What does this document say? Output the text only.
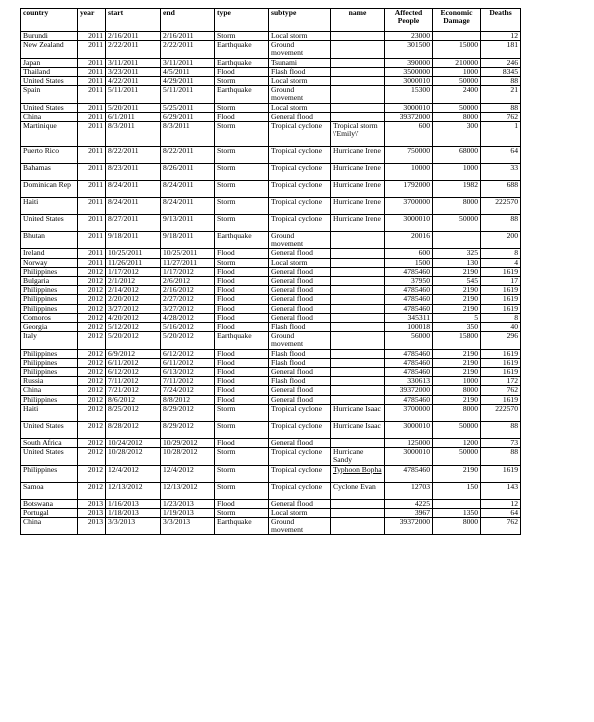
country	year	start	end	type	subtype	name	Affected People	Economic Damage	Deaths
Burundi	2011	2/16/2011	2/16/2011	Storm	Local storm		23000		12
New Zealand	2011	2/22/2011	2/22/2011	Earthquake	Ground movement		301500	15000	181
Japan	2011	3/11/2011	3/11/2011	Earthquake	Tsunami		390000	210000	246
Thailand	2011	3/23/2011	4/5/2011	Flood	Flash flood		3500000	1000	8345
United States	2011	4/22/2011	4/29/2011	Storm	Local storm		3000010	50000	88
Spain	2011	5/11/2011	5/11/2011	Earthquake	Ground movement		15300	2400	21
United States	2011	5/20/2011	5/25/2011	Storm	Local storm		3000010	50000	88
China	2011	6/1/2011	6/29/2011	Flood	General flood		39372000	8000	762
Martinique	2011	8/3/2011	8/3/2011	Storm	Tropical cyclone	Tropical storm \'Emily\'	600	300	1
Puerto Rico	2011	8/22/2011	8/22/2011	Storm	Tropical cyclone	Hurricane Irene	750000	68000	64
Bahamas	2011	8/23/2011	8/26/2011	Storm	Tropical cyclone	Hurricane Irene	10000	1000	33
Dominican Rep	2011	8/24/2011	8/24/2011	Storm	Tropical cyclone	Hurricane Irene	1792000	1982	688
Haiti	2011	8/24/2011	8/24/2011	Storm	Tropical cyclone	Hurricane Irene	3700000	8000	222570
United States	2011	8/27/2011	9/13/2011	Storm	Tropical cyclone	Hurricane Irene	3000010	50000	88
Bhutan	2011	9/18/2011	9/18/2011	Earthquake	Ground movement		20016		200
Ireland	2011	10/25/2011	10/25/2011	Flood	General flood		600	325	8
Norway	2011	11/26/2011	11/27/2011	Storm	Local storm		1500	130	4
Philippines	2012	1/17/2012	1/17/2012	Flood	General flood		4785460	2190	1619
Bulgaria	2012	2/1/2012	2/6/2012	Flood	General flood		37950	545	17
Philippines	2012	2/14/2012	2/16/2012	Flood	General flood		4785460	2190	1619
Philippines	2012	2/20/2012	2/27/2012	Flood	General flood		4785460	2190	1619
Philippines	2012	3/27/2012	3/27/2012	Flood	General flood		4785460	2190	1619
Comoros	2012	4/20/2012	4/28/2012	Flood	General flood		345311	5	8
Georgia	2012	5/12/2012	5/16/2012	Flood	Flash flood		100018	350	40
Italy	2012	5/20/2012	5/20/2012	Earthquake	Ground movement		56000	15800	296
Philippines	2012	6/9/2012	6/12/2012	Flood	Flash flood		4785460	2190	1619
Philippines	2012	6/11/2012	6/11/2012	Flood	Flash flood		4785460	2190	1619
Philippines	2012	6/12/2012	6/13/2012	Flood	General flood		4785460	2190	1619
Russia	2012	7/11/2012	7/11/2012	Flood	Flash flood		330613	1000	172
China	2012	7/21/2012	7/24/2012	Flood	General flood		39372000	8000	762
Philippines	2012	8/6/2012	8/8/2012	Flood	General flood		4785460	2190	1619
Haiti	2012	8/25/2012	8/29/2012	Storm	Tropical cyclone	Hurricane Isaac	3700000	8000	222570
United States	2012	8/28/2012	8/29/2012	Storm	Tropical cyclone	Hurricane Isaac	3000010	50000	88
South Africa	2012	10/24/2012	10/29/2012	Flood	General flood		125000	1200	73
United States	2012	10/28/2012	10/28/2012	Storm	Tropical cyclone	Hurricane Sandy	3000010	50000	88
Philippines	2012	12/4/2012	12/4/2012	Storm	Tropical cyclone	Typhoon Bopha	4785460	2190	1619
Samoa	2012	12/13/2012	12/13/2012	Storm	Tropical cyclone	Cyclone Evan	12703	150	143
Botswana	2013	1/16/2013	1/23/2013	Flood	General flood		4225		12
Portugal	2013	1/18/2013	1/19/2013	Storm	Local storm		3967	1350	64
China	2013	3/3/2013	3/3/2013	Earthquake	Ground movement		39372000	8000	762
